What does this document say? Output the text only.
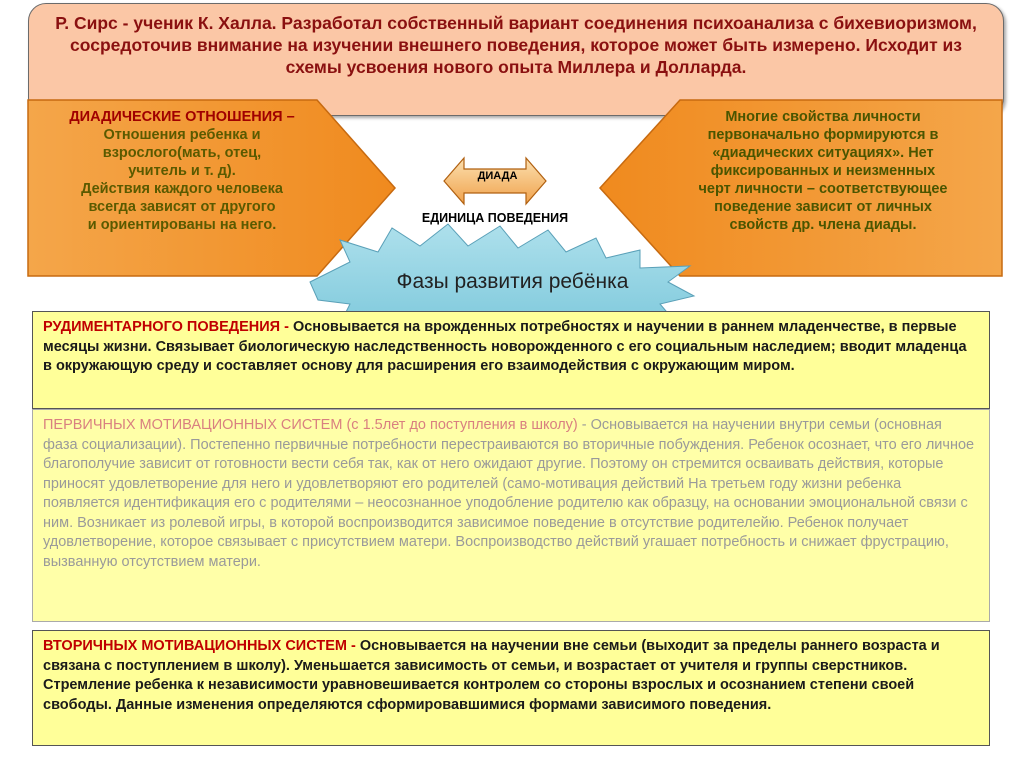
Р. Сирс - ученик К. Халла. Разработал собственный вариант соединения психоанализа с бихевиоризмом, сосредоточив внимание на изучении внешнего поведения, которое может быть измерено. Исходит из схемы усвоения нового опыта Миллера и Долларда.

ДИАДИЧЕСКИЕ ОТНОШЕНИЯ –
Отношения ребенка и
взрослого(мать, отец,
учитель и т. д).
Действия каждого человека
всегда зависят от другого
и ориентированы на него.
Многие свойства личности
первоначально формируются в
«диадических ситуациях». Нет
фиксированных и неизменных
черт личности – соответствующее
поведение зависит от личных
свойств др. члена диады.
ДИАДА
ЕДИНИЦА ПОВЕДЕНИЯ
Фазы развития ребёнка
РУДИМЕНТАРНОГО ПОВЕДЕНИЯ - Основывается на врожденных потребностях и научении в раннем младенчестве, в первые месяцы жизни. Связывает биологическую наследственность новорожденного с его социальным наследием; вводит младенца в окружающую среду и составляет основу для расширения его взаимодействия с окружающим миром.
ПЕРВИЧНЫХ МОТИВАЦИОННЫХ СИСТЕМ (с 1.5лет до поступления в школу) - Основывается на научении внутри семьи (основная фаза социализации). Постепенно первичные потребности перестраиваются во вторичные побуждения. Ребенок осознает, что его личное благополучие зависит от готовности вести себя так, как от него ожидают другие. Поэтому он стремится осваивать действия, которые приносят удовлетворение для него и удовлетворяют его родителей (само-мотивация действий На третьем году жизни ребенка появляется идентификация его с родителями – неосознанное уподобление родителю как образцу, на основании эмоциональной связи с ним. Возникает из ролевой игры, в которой воспроизводится зависимое поведение в отсутствие родителейю. Ребенок получает удовлетворение, которое связывает с присутствием матери. Воспроизводство действий угашает потребность и снижает фрустрацию, вызванную отсутствием матери.
ВТОРИЧНЫХ МОТИВАЦИОННЫХ СИСТЕМ - Основывается на научении вне семьи (выходит за пределы раннего возраста и связана с поступлением в школу). Уменьшается зависимость от семьи, и возрастает от учителя и группы сверстников. Стремление ребенка к независимости уравновешивается контролем со стороны взрослых и осознанием степени своей свободы. Данные изменения определяются сформировавшимися формами зависимого поведения.
